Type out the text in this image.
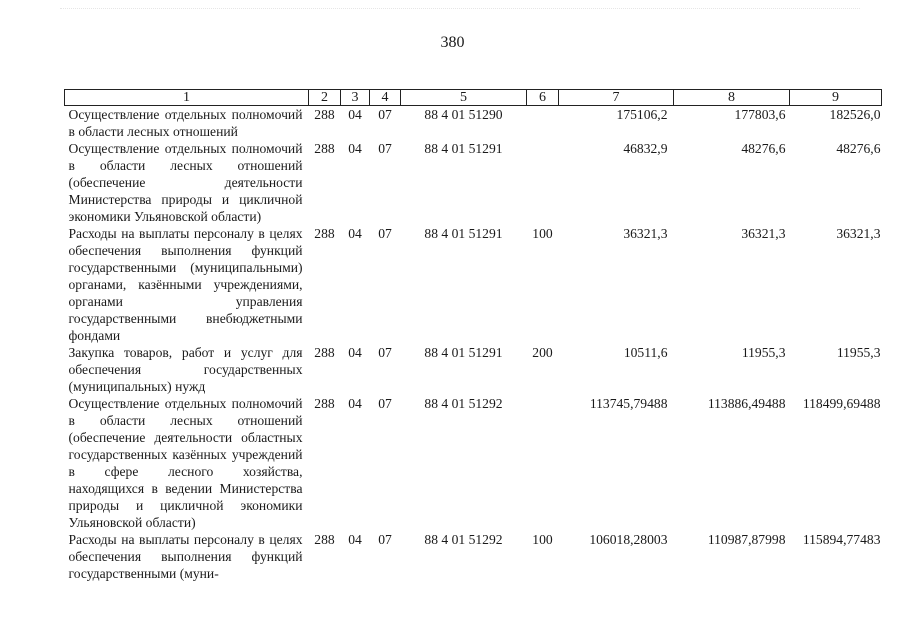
380
1	2	3	4	5	6	7	8	9
Осуществление отдельных полномочий в области лесных отношений	288	04	07	88 4 01 51290		175106,2	177803,6	182526,0
Осуществление отдельных полномочий в области лесных отношений (обеспечение деятельности Министерства природы и цикличной экономики Ульяновской области)	288	04	07	88 4 01 51291		46832,9	48276,6	48276,6
Расходы на выплаты персоналу в целях обеспечения выполнения функций государственными (муниципальными) органами, казёнными учреждениями, органами управления государственными внебюджетными фондами	288	04	07	88 4 01 51291	100	36321,3	36321,3	36321,3
Закупка товаров, работ и услуг для обеспечения государственных (муниципальных) нужд	288	04	07	88 4 01 51291	200	10511,6	11955,3	11955,3
Осуществление отдельных полномочий в области лесных отношений (обеспечение деятельности областных государственных казённых учреждений в сфере лесного хозяйства, находящихся в ведении Министерства природы и цикличной экономики Ульяновской области)	288	04	07	88 4 01 51292		113745,79488	113886,49488	118499,69488
Расходы на выплаты персоналу в целях обеспечения выполнения функций государственными (муни-	288	04	07	88 4 01 51292	100	106018,28003	110987,87998	115894,77483
